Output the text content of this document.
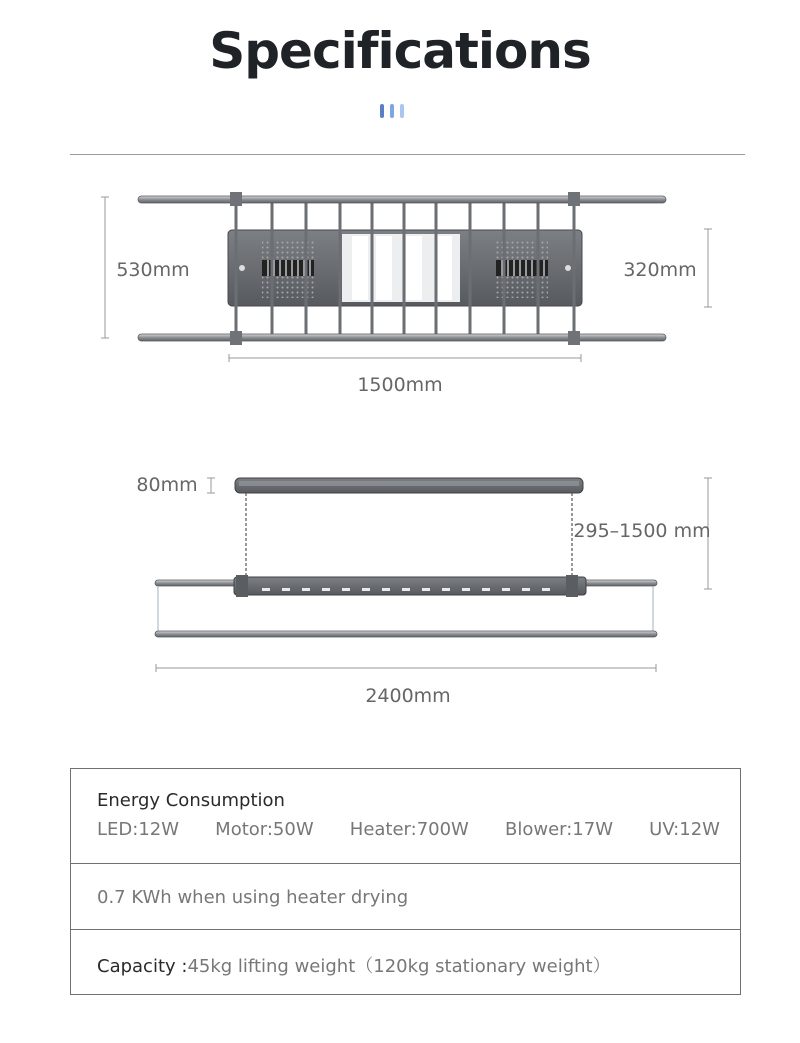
Specifications
530mm	320mm
1500mm
80mm
295–1500 mm
2400mm
Energy Consumption
LED:12W Motor:50W Heater:700W Blower:17W UV:12W
0.7 KWh when using heater drying
Capacity :45kg lifting weight（120kg stationary weight）
